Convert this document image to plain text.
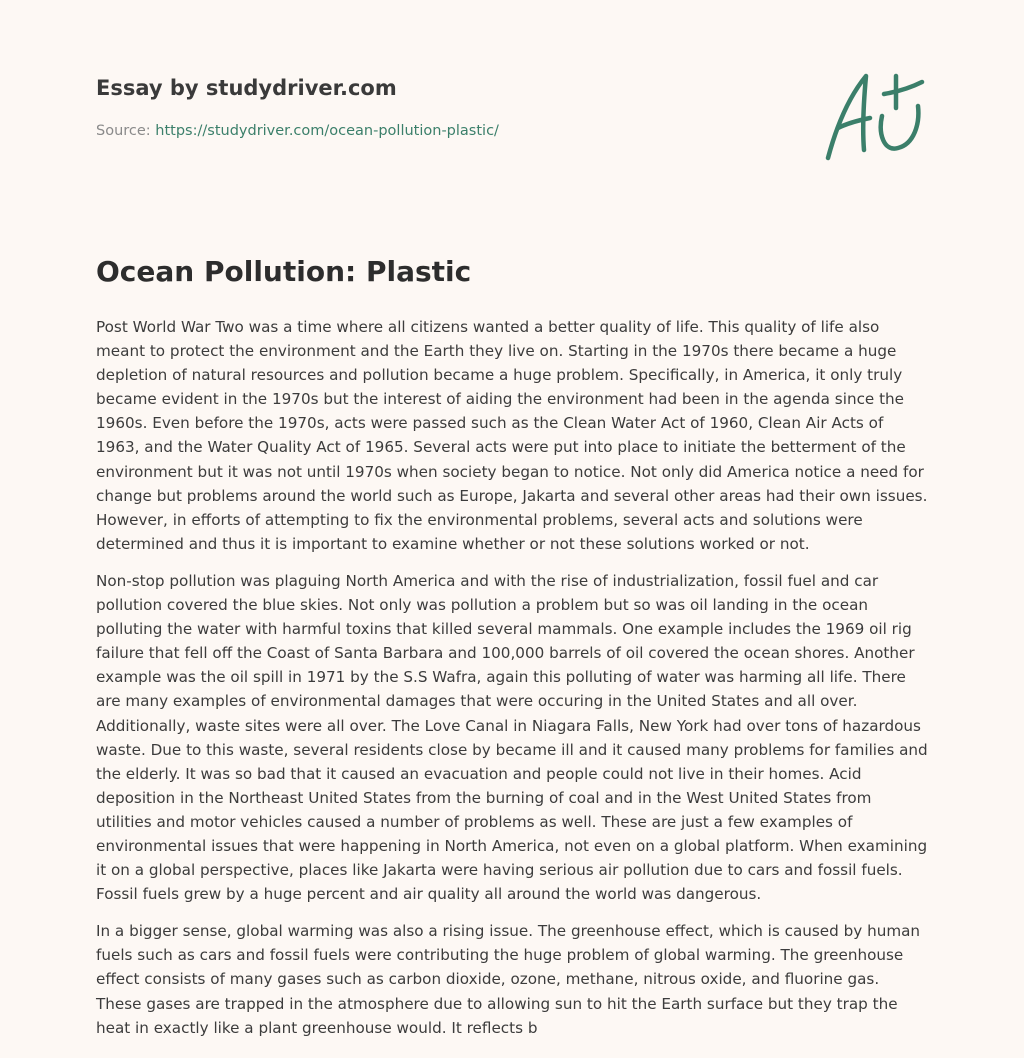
Essay by studydriver.com
Source: https://studydriver.com/ocean-pollution-plastic/
Ocean Pollution: Plastic

Post World War Two was a time where all citizens wanted a better quality of life. This quality of life also meant to protect the environment and the Earth they live on. Starting in the 1970s there became a huge depletion of natural resources and pollution became a huge problem. Specifically, in America, it only truly became evident in the 1970s but the interest of aiding the environment had been in the agenda since the 1960s. Even before the 1970s, acts were passed such as the Clean Water Act of 1960, Clean Air Acts of 1963, and the Water Quality Act of 1965. Several acts were put into place to initiate the betterment of the environment but it was not until 1970s when society began to notice. Not only did America notice a need for change but problems around the world such as Europe, Jakarta and several other areas had their own issues. However, in efforts of attempting to fix the environmental problems, several acts and solutions were determined and thus it is important to examine whether or not these solutions worked or not.

Non-stop pollution was plaguing North America and with the rise of industrialization, fossil fuel and car pollution covered the blue skies. Not only was pollution a problem but so was oil landing in the ocean polluting the water with harmful toxins that killed several mammals. One example includes the 1969 oil rig failure that fell off the Coast of Santa Barbara and 100,000 barrels of oil covered the ocean shores. Another example was the oil spill in 1971 by the S.S Wafra, again this polluting of water was harming all life. There are many examples of environmental damages that were occuring in the United States and all over. Additionally, waste sites were all over. The Love Canal in Niagara Falls, New York had over tons of hazardous waste. Due to this waste, several residents close by became ill and it caused many problems for families and the elderly. It was so bad that it caused an evacuation and people could not live in their homes. Acid deposition in the Northeast United States from the burning of coal and in the West United States from utilities and motor vehicles caused a number of problems as well. These are just a few examples of environmental issues that were happening in North America, not even on a global platform. When examining it on a global perspective, places like Jakarta were having serious air pollution due to cars and fossil fuels. Fossil fuels grew by a huge percent and air quality all around the world was dangerous.

In a bigger sense, global warming was also a rising issue. The greenhouse effect, which is caused by human fuels such as cars and fossil fuels were contributing the huge problem of global warming. The greenhouse effect consists of many gases such as carbon dioxide, ozone, methane, nitrous oxide, and fluorine gas. These gases are trapped in the atmosphere due to allowing sun to hit the Earth surface but they trap the heat in exactly like a plant greenhouse would. It reflects b
